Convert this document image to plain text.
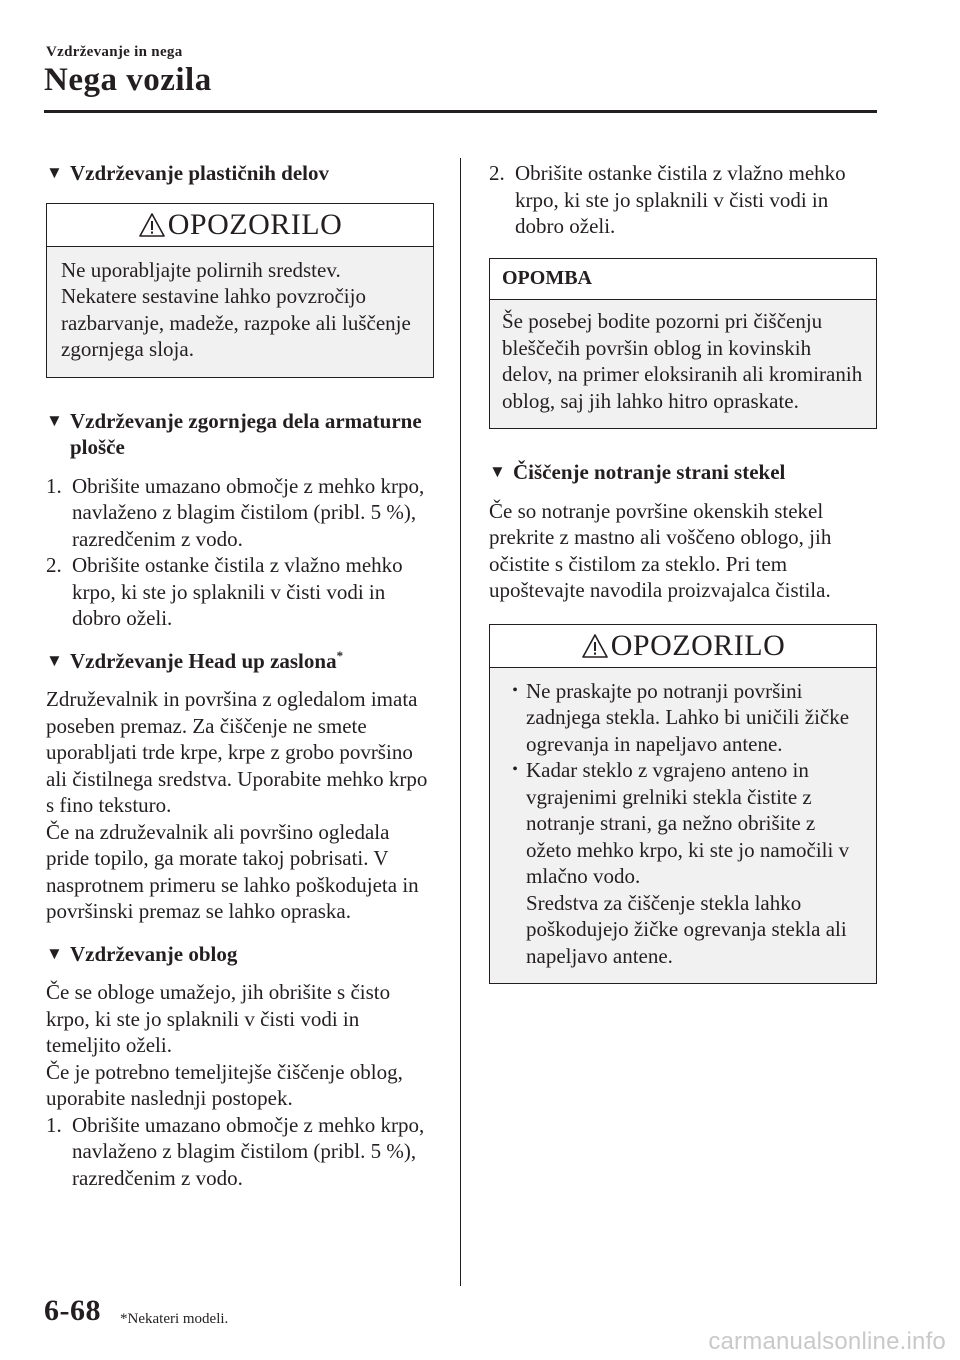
Vzdrževanje in nega
Nega vozila
▼ Vzdrževanje plastičnih delov
OPOZORILO
Ne uporabljajte polirnih sredstev. Nekatere sestavine lahko povzročijo razbarvanje, madeže, razpoke ali luščenje zgornjega sloja.
▼ Vzdrževanje zgornjega dela armaturne plošče
1. Obrišite umazano območje z mehko krpo, navlaženo z blagim čistilom (pribl. 5 %), razredčenim z vodo.
2. Obrišite ostanke čistila z vlažno mehko krpo, ki ste jo splaknili v čisti vodi in dobro oželi.
▼ Vzdrževanje Head up zaslona*
Združevalnik in površina z ogledalom imata poseben premaz. Za čiščenje ne smete uporabljati trde krpe, krpe z grobo površino ali čistilnega sredstva. Uporabite mehko krpo s fino teksturo.
Če na združevalnik ali površino ogledala pride topilo, ga morate takoj pobrisati. V nasprotnem primeru se lahko poškodujeta in površinski premaz se lahko opraska.
▼ Vzdrževanje oblog
Če se obloge umažejo, jih obrišite s čisto krpo, ki ste jo splaknili v čisti vodi in temeljito oželi.
Če je potrebno temeljitejše čiščenje oblog, uporabite naslednji postopek.
1. Obrišite umazano območje z mehko krpo, navlaženo z blagim čistilom (pribl. 5 %), razredčenim z vodo.
2. Obrišite ostanke čistila z vlažno mehko krpo, ki ste jo splaknili v čisti vodi in dobro oželi.
OPOMBA
Še posebej bodite pozorni pri čiščenju bleščečih površin oblog in kovinskih delov, na primer eloksiranih ali kromiranih oblog, saj jih lahko hitro opraskate.
▼ Čiščenje notranje strani stekel
Če so notranje površine okenskih stekel prekrite z mastno ali voščeno oblogo, jih očistite s čistilom za steklo. Pri tem upoštevajte navodila proizvajalca čistila.
OPOZORILO
• Ne praskajte po notranji površini zadnjega stekla. Lahko bi uničili žičke ogrevanja in napeljavo antene.
• Kadar steklo z vgrajeno anteno in vgrajenimi grelniki stekla čistite z notranje strani, ga nežno obrišite z ožeto mehko krpo, ki ste jo namočili v mlačno vodo.
Sredstva za čiščenje stekla lahko poškodujejo žičke ogrevanja stekla ali napeljavo antene.
6-68 *Nekateri modeli.
carmanualsonline.info
